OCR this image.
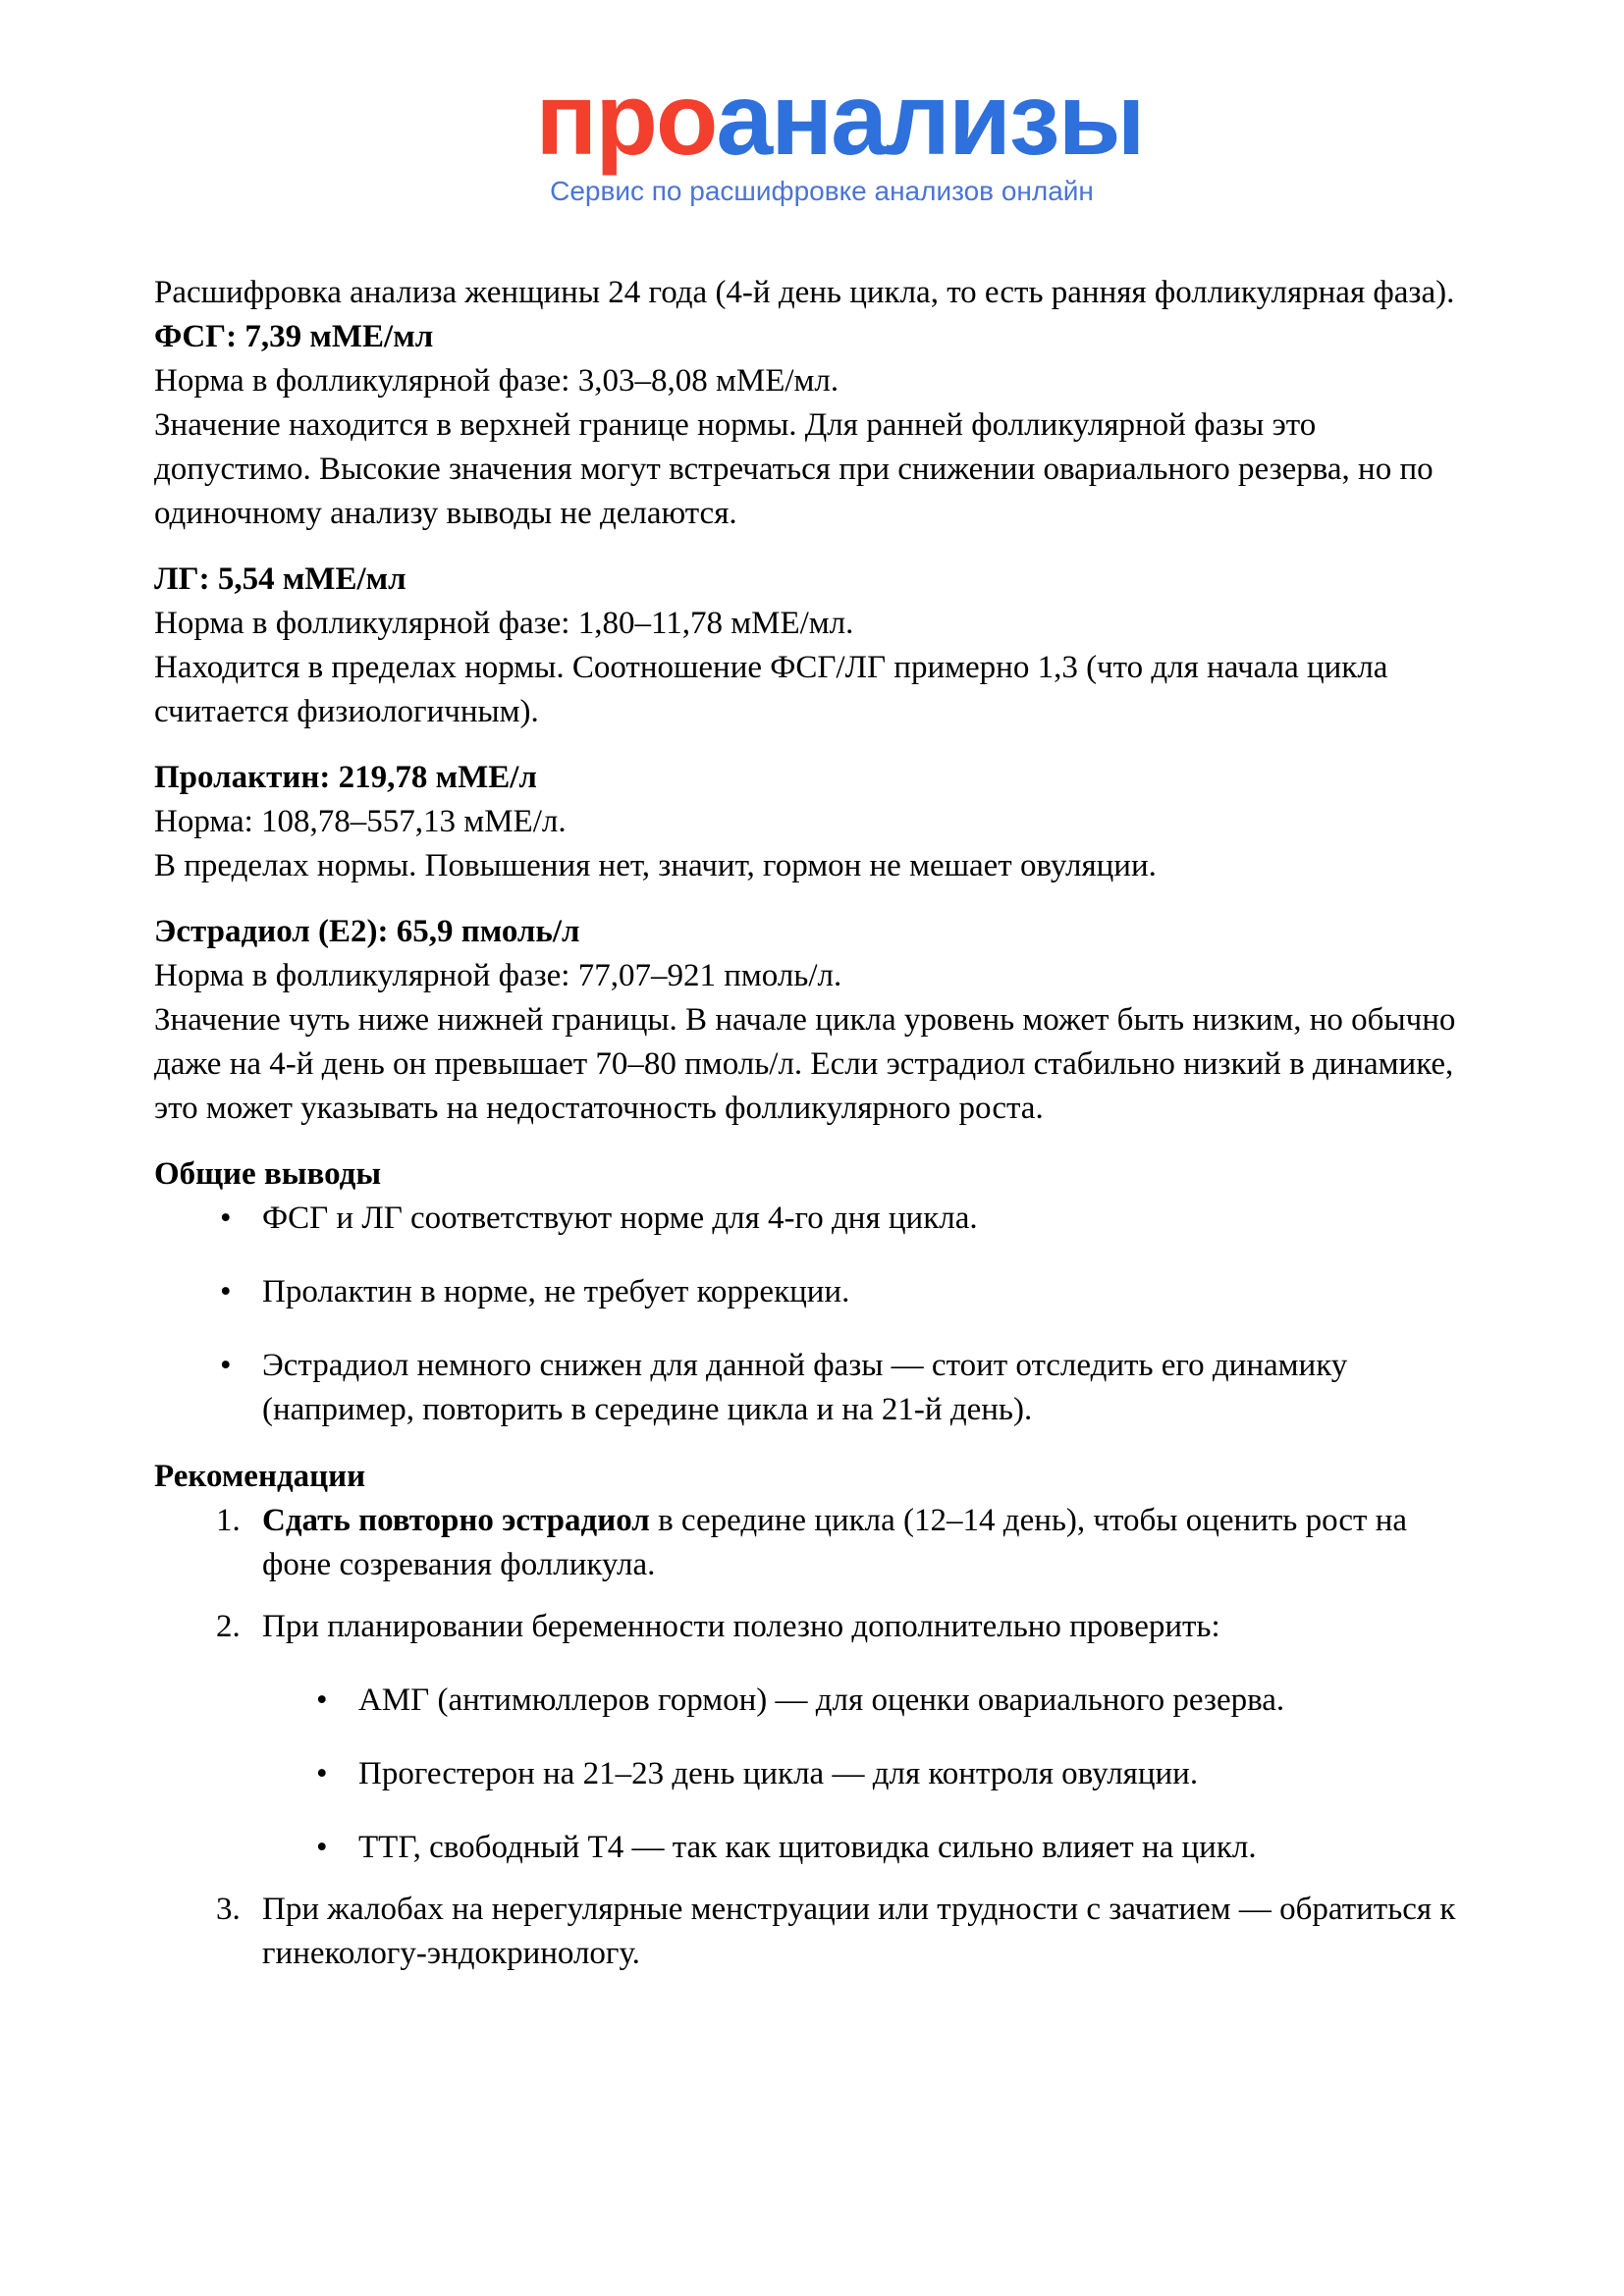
проанализы
Сервис по расшифровке анализов онлайн

Расшифровка анализа женщины 24 года (4-й день цикла, то есть ранняя фолликулярная фаза).

ФСГ: 7,39 мМЕ/мл

Норма в фолликулярной фазе: 3,03–8,08 мМЕ/мл.

Значение находится в верхней границе нормы. Для ранней фолликулярной фазы это допустимо. Высокие значения могут встречаться при снижении овариального резерва, но по одиночному анализу выводы не делаются.

ЛГ: 5,54 мМЕ/мл

Норма в фолликулярной фазе: 1,80–11,78 мМЕ/мл.

Находится в пределах нормы. Соотношение ФСГ/ЛГ примерно 1,3 (что для начала цикла считается физиологичным).

Пролактин: 219,78 мМЕ/л

Норма: 108,78–557,13 мМЕ/л.

В пределах нормы. Повышения нет, значит, гормон не мешает овуляции.

Эстрадиол (Е2): 65,9 пмоль/л

Норма в фолликулярной фазе: 77,07–921 пмоль/л.

Значение чуть ниже нижней границы. В начале цикла уровень может быть низким, но обычно даже на 4-й день он превышает 70–80 пмоль/л. Если эстрадиол стабильно низкий в динамике, это может указывать на недостаточность фолликулярного роста.

Общие выводы

• ФСГ и ЛГ соответствуют норме для 4-го дня цикла.
• Пролактин в норме, не требует коррекции.
• Эстрадиол немного снижен для данной фазы — стоит отследить его динамику (например, повторить в середине цикла и на 21-й день).

Рекомендации

1. Сдать повторно эстрадиол в середине цикла (12–14 день), чтобы оценить рост на фоне созревания фолликула.
2. При планировании беременности полезно дополнительно проверить:
• АМГ (антимюллеров гормон) — для оценки овариального резерва.
• Прогестерон на 21–23 день цикла — для контроля овуляции.
• ТТГ, свободный Т4 — так как щитовидка сильно влияет на цикл.
3. При жалобах на нерегулярные менструации или трудности с зачатием — обратиться к гинекологу-эндокринологу.
